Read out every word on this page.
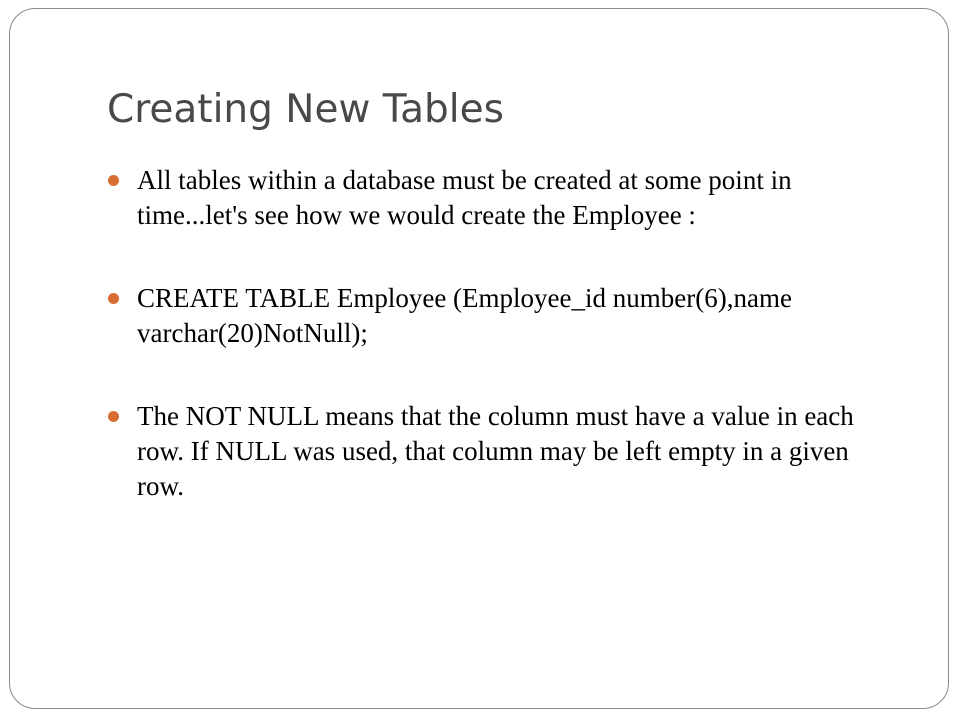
Creating New Tables
All tables within a database must be created at some point in time...let's see how we would create the Employee :
CREATE TABLE Employee (Employee_id number(6),name varchar(20)NotNull);
The NOT NULL means that the column must have a value in each row. If NULL was used, that column may be left empty in a given row.
